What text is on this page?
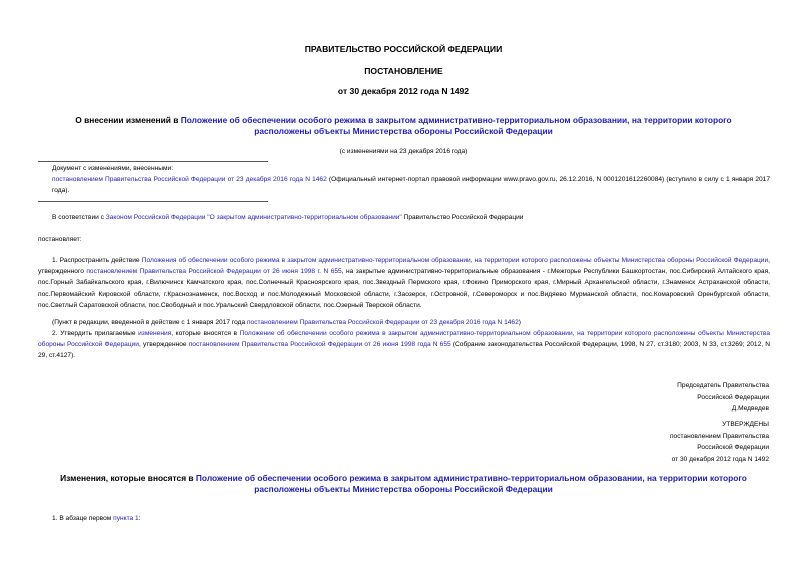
ПРАВИТЕЛЬСТВО РОССИЙСКОЙ ФЕДЕРАЦИИ
ПОСТАНОВЛЕНИЕ
от 30 декабря 2012 года N 1492
О внесении изменений в Положение об обеспечении особого режима в закрытом административно-территориальном образовании, на территории которого
расположены объекты Министерства обороны Российской Федерации
(с изменениями на 23 декабря 2016 года)
Документ с изменениями, внесенными:
постановлением Правительства Российской Федерации от 23 декабря 2016 года N 1462 (Официальный интернет-портал правовой информации www.pravo.gov.ru, 26.12.2016, N 0001201612260084) (вступило в силу с 1 января 2017 года).
В соответствии с Законом Российской Федерации "О закрытом административно-территориальном образовании" Правительство Российской Федерации
постановляет:
1. Распространить действие Положения об обеспечении особого режима в закрытом административно-территориальном образовании, на территории которого расположены объекты Министерства обороны Российской Федерации, утвержденного постановлением Правительства Российской Федерации от 26 июня 1998 г. N 655, на закрытые административно-территориальные образования - г.Межгорье Республики Башкортостан, пос.Сибирский Алтайского края, пос.Горный Забайкальского края, г.Вилючинск Камчатского края, пос.Солнечный Красноярского края, пос.Звездный Пермского края, г.Фокино Приморского края, г.Мирный Архангельской области, г.Знаменск Астраханской области, пос.Первомайский Кировской области, г.Краснознаменск, пос.Восход и пос.Молодежный Московской области, г.Заозерск, г.Островной, г.Североморск и пос.Видяево Мурманской области, пос.Комаровский Оренбургской области, пос.Светлый Саратовской области, пос.Свободный и пос.Уральский Свердловской области, пос.Озерный Тверской области.
(Пункт в редакции, введенной в действие с 1 января 2017 года постановлением Правительства Российской Федерации от 23 декабря 2016 года N 1462)
2. Утвердить прилагаемые изменения, которые вносятся в Положение об обеспечении особого режима в закрытом административно-территориальном образовании, на территории которого расположены объекты Министерства обороны Российской Федерации, утвержденное постановлением Правительства Российской Федерации от 26 июня 1998 года N 655 (Собрание законодательства Российской Федерации, 1998, N 27, ст.3180; 2003, N 33, ст.3269; 2012, N 29, ст.4127).
Председатель Правительства
Российской Федерации
Д.Медведев
УТВЕРЖДЕНЫ
постановлением Правительства
Российской Федерации
от 30 декабря 2012 года N 1492
Изменения, которые вносятся в Положение об обеспечении особого режима в закрытом административно-территориальном образовании, на территории которого
расположены объекты Министерства обороны Российской Федерации
1. В абзаце первом пункта 1:
